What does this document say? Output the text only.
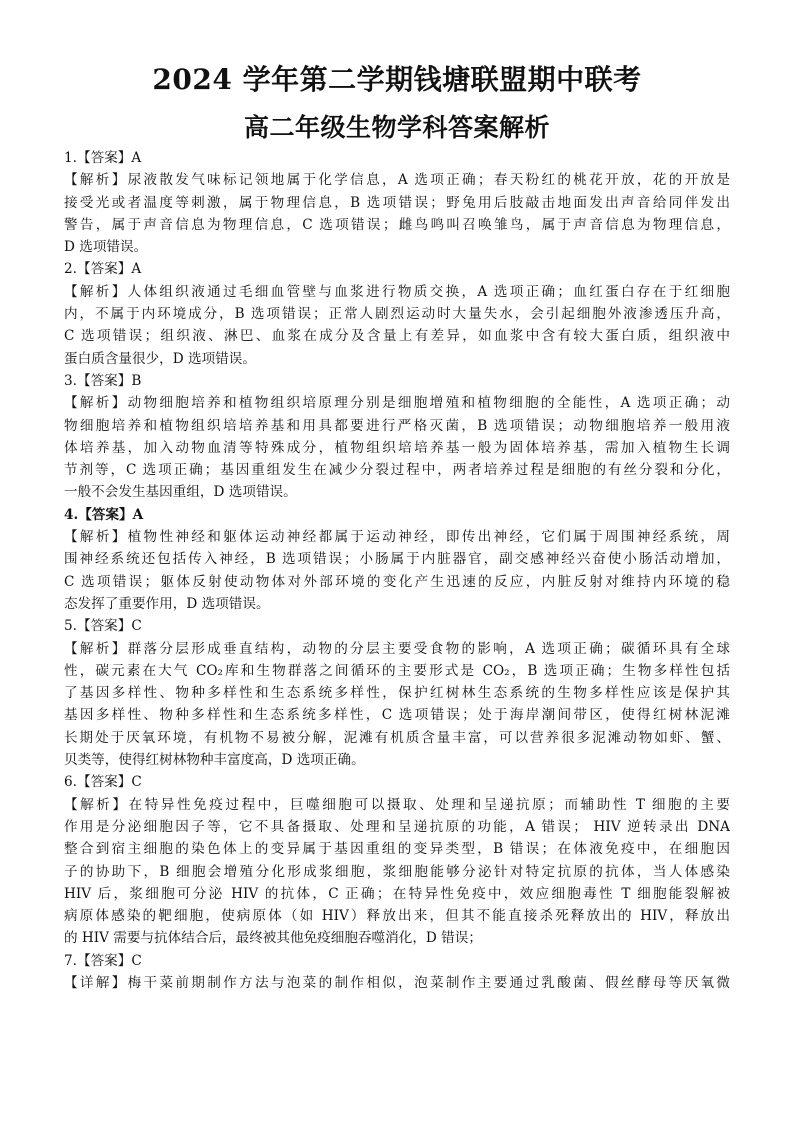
2024 学年第二学期钱塘联盟期中联考
高二年级生物学科答案解析
1.【答案】A
【解析】尿液散发气味标记领地属于化学信息，A 选项正确；春天粉红的桃花开放，花的开放是
接受光或者温度等刺激，属于物理信息，B 选项错误；野兔用后肢敲击地面发出声音给同伴发出
警告，属于声音信息为物理信息，C 选项错误；雌鸟鸣叫召唤雏鸟，属于声音信息为物理信息，
D 选项错误。
2.【答案】A
【解析】人体组织液通过毛细血管壁与血浆进行物质交换，A 选项正确；血红蛋白存在于红细胞
内，不属于内环境成分，B 选项错误；正常人剧烈运动时大量失水，会引起细胞外液渗透压升高，
C 选项错误；组织液、淋巴、血浆在成分及含量上有差异，如血浆中含有较大蛋白质，组织液中
蛋白质含量很少，D 选项错误。
3.【答案】B
【解析】动物细胞培养和植物组织培原理分别是细胞增殖和植物细胞的全能性，A 选项正确；动
物细胞培养和植物组织培培养基和用具都要进行严格灭菌，B 选项错误；动物细胞培养一般用液
体培养基，加入动物血清等特殊成分，植物组织培培养基一般为固体培养基，需加入植物生长调
节剂等，C 选项正确；基因重组发生在减少分裂过程中，两者培养过程是细胞的有丝分裂和分化，
一般不会发生基因重组，D 选项错误。
4.【答案】A
【解析】植物性神经和躯体运动神经都属于运动神经，即传出神经，它们属于周围神经系统，周
围神经系统还包括传入神经，B 选项错误；小肠属于内脏器官，副交感神经兴奋使小肠活动增加，
C 选项错误；躯体反射使动物体对外部环境的变化产生迅速的反应，内脏反射对维持内环境的稳
态发挥了重要作用，D 选项错误。
5.【答案】C
【解析】群落分层形成垂直结构，动物的分层主要受食物的影响，A 选项正确；碳循环具有全球
性，碳元素在大气 CO₂库和生物群落之间循环的主要形式是 CO₂，B 选项正确；生物多样性包括
了基因多样性、物种多样性和生态系统多样性，保护红树林生态系统的生物多样性应该是保护其
基因多样性、物种多样性和生态系统多样性，C 选项错误；处于海岸潮间带区，使得红树林泥滩
长期处于厌氧环境，有机物不易被分解，泥滩有机质含量丰富，可以营养很多泥滩动物如虾、蟹、
贝类等，使得红树林物种丰富度高，D 选项正确。
6.【答案】C
【解析】在特异性免疫过程中，巨噬细胞可以摄取、处理和呈递抗原；而辅助性 T 细胞的主要
作用是分泌细胞因子等，它不具备摄取、处理和呈递抗原的功能，A 错误； HIV 逆转录出 DNA
整合到宿主细胞的染色体上的变异属于基因重组的变异类型，B 错误；在体液免疫中，在细胞因
子的协助下，B 细胞会增殖分化形成浆细胞，浆细胞能够分泌针对特定抗原的抗体，当人体感染
HIV 后，浆细胞可分泌 HIV 的抗体，C 正确；在特异性免疫中，效应细胞毒性 T 细胞能裂解被
病原体感染的靶细胞，使病原体（如 HIV）释放出来，但其不能直接杀死释放出的 HIV，释放出
的 HIV 需要与抗体结合后，最终被其他免疫细胞吞噬消化，D 错误；
7.【答案】C
【详解】梅干菜前期制作方法与泡菜的制作相似，泡菜制作主要通过乳酸菌、假丝酵母等厌氧微
